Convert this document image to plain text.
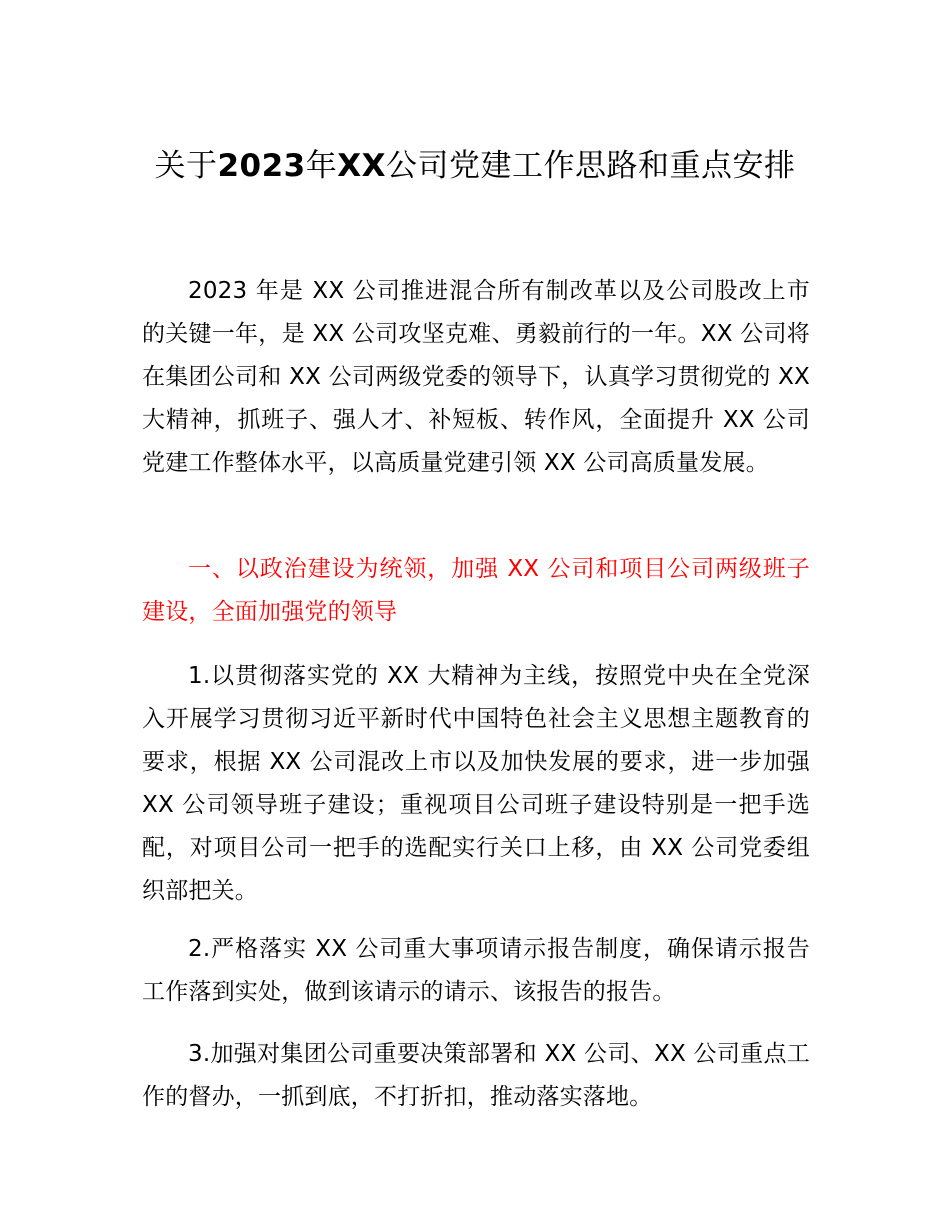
关于2023年XX公司党建工作思路和重点安排

2023 年是 XX 公司推进混合所有制改革以及公司股改上市的关键一年，是 XX 公司攻坚克难、勇毅前行的一年。XX 公司将在集团公司和 XX 公司两级党委的领导下，认真学习贯彻党的 XX 大精神，抓班子、强人才、补短板、转作风，全面提升 XX 公司党建工作整体水平，以高质量党建引领 XX 公司高质量发展。

一、以政治建设为统领，加强 XX 公司和项目公司两级班子建设，全面加强党的领导

1.以贯彻落实党的 XX 大精神为主线，按照党中央在全党深入开展学习贯彻习近平新时代中国特色社会主义思想主题教育的要求，根据 XX 公司混改上市以及加快发展的要求，进一步加强 XX 公司领导班子建设；重视项目公司班子建设特别是一把手选配，对项目公司一把手的选配实行关口上移，由 XX 公司党委组织部把关。

2.严格落实 XX 公司重大事项请示报告制度，确保请示报告工作落到实处，做到该请示的请示、该报告的报告。

3.加强对集团公司重要决策部署和 XX 公司、XX 公司重点工作的督办，一抓到底，不打折扣，推动落实落地。
